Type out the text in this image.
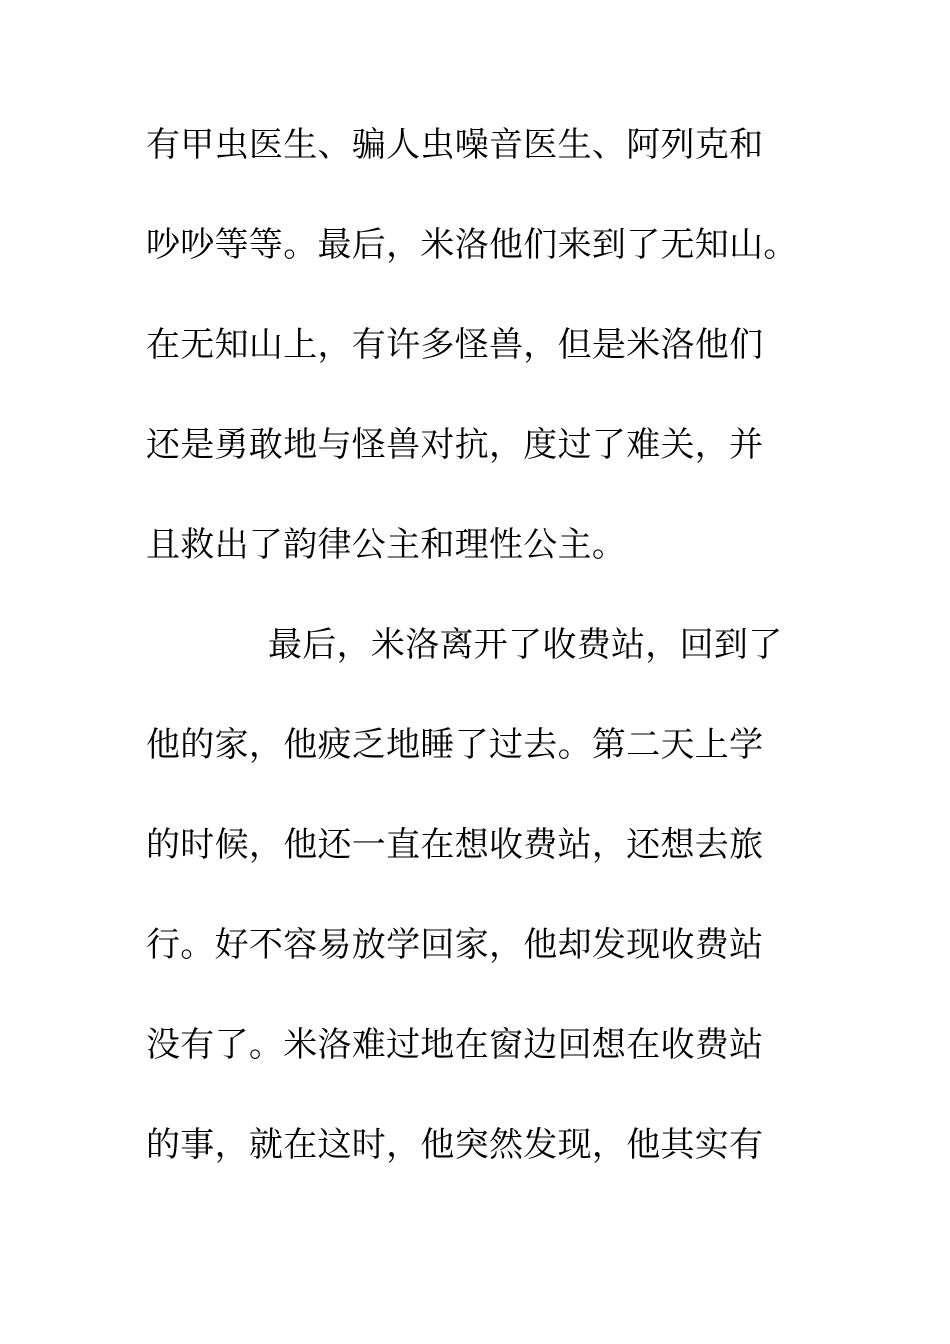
有甲虫医生、骗人虫噪音医生、阿列克和
吵吵等等。最后，米洛他们来到了无知山。
在无知山上，有许多怪兽，但是米洛他们
还是勇敢地与怪兽对抗，度过了难关，并
且救出了韵律公主和理性公主。
最后，米洛离开了收费站，回到了
他的家，他疲乏地睡了过去。第二天上学
的时候，他还一直在想收费站，还想去旅
行。好不容易放学回家，他却发现收费站
没有了。米洛难过地在窗边回想在收费站
的事，就在这时，他突然发现，他其实有
